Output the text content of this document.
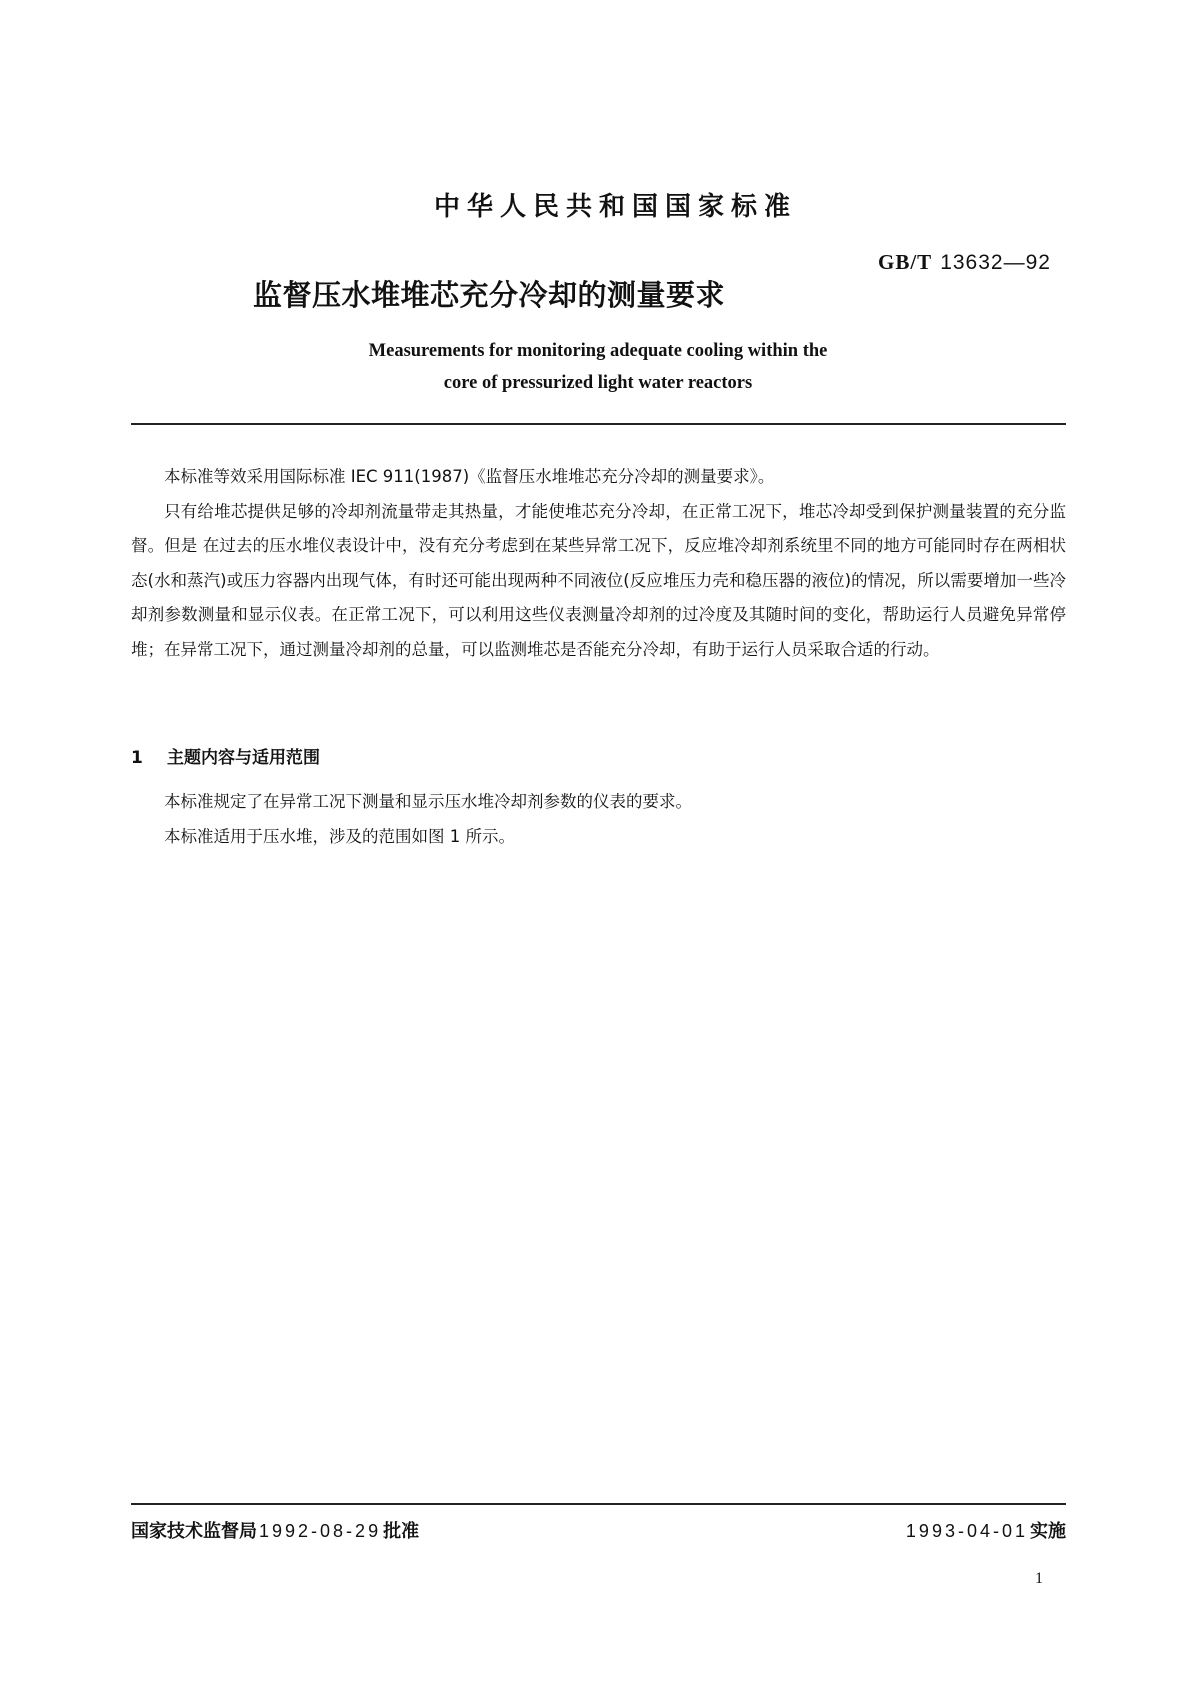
中华人民共和国国家标准
GB/T 13632—92
监督压水堆堆芯充分冷却的测量要求
Measurements for monitoring adequate cooling within the
core of pressurized light water reactors

本标准等效采用国际标准 IEC 911(1987)《监督压水堆堆芯充分冷却的测量要求》。

只有给堆芯提供足够的冷却剂流量带走其热量，才能使堆芯充分冷却，在正常工况下，堆芯冷却受到保护测量装置的充分监督。但是 在过去的压水堆仪表设计中，没有充分考虑到在某些异常工况下，反应堆冷却剂系统里不同的地方可能同时存在两相状态(水和蒸汽)或压力容器内出现气体，有时还可能出现两种不同液位(反应堆压力壳和稳压器的液位)的情况，所以需要增加一些冷却剂参数测量和显示仪表。在正常工况下，可以利用这些仪表测量冷却剂的过冷度及其随时间的变化，帮助运行人员避免异常停堆；在异常工况下，通过测量冷却剂的总量，可以监测堆芯是否能充分冷却，有助于运行人员采取合适的行动。

1 主题内容与适用范围

本标准规定了在异常工况下测量和显示压水堆冷却剂参数的仪表的要求。

本标准适用于压水堆，涉及的范围如图 1 所示。

国家技术监督局 1992-08-29 批准	1993-04-01 实施
1
